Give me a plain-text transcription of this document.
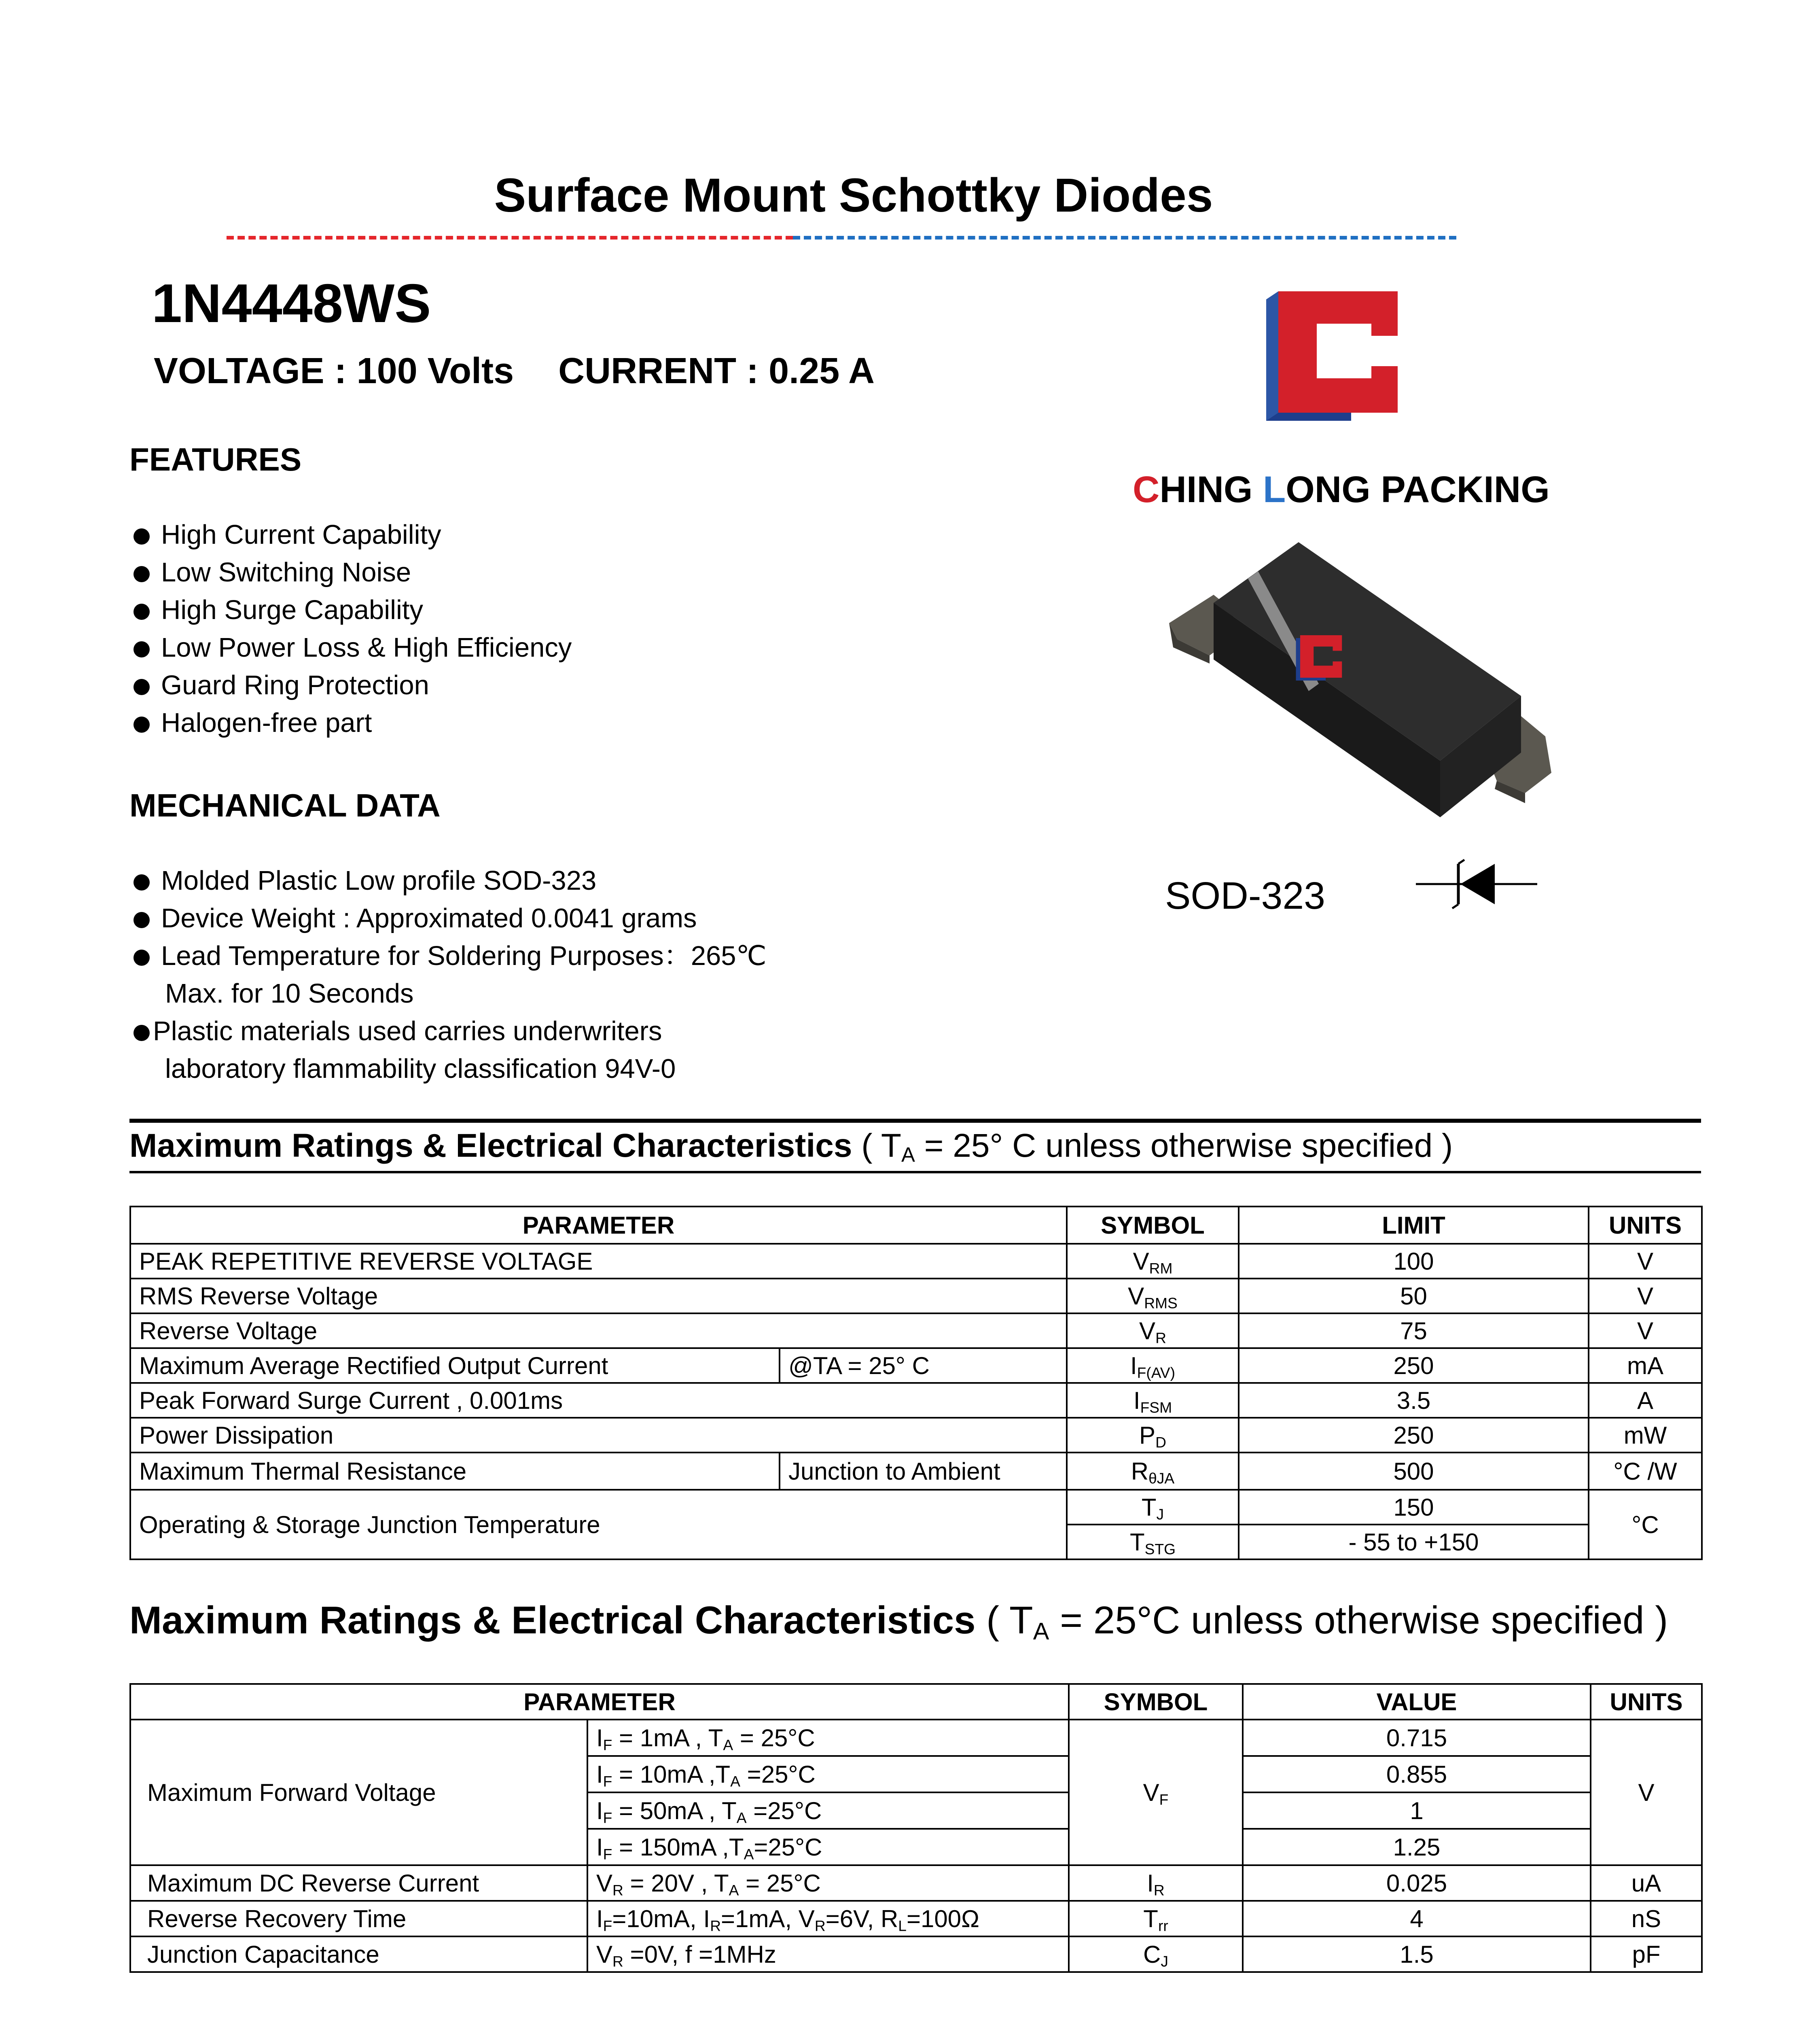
Surface Mount Schottky Diodes
1N4448WS
VOLTAGE : 100 Volts CURRENT : 0.25 A
CHING LONG PACKING
SOD-323
FEATURES
High Current Capability
Low Switching Noise
High Surge Capability
Low Power Loss & High Efficiency
Guard Ring Protection
Halogen-free part
MECHANICAL DATA
Molded Plastic Low profile SOD-323
Device Weight : Approximated 0.0041 grams
Lead Temperature for Soldering Purposes：265℃
Max. for 10 Seconds
Plastic materials used carries underwriters
laboratory flammability classification 94V-0
Maximum Ratings & Electrical Characteristics ( $T_A = 25^\circ$ C unless otherwise specified )
PARAMETER		SYMBOL	LIMIT	UNITS
PEAK REPETITIVE REVERSE VOLTAGE		$V_{RM}$	100	V
RMS Reverse Voltage		$V_{RMS}$	50	V
Reverse Voltage		$V_R$	75	V
Maximum Average Rectified Output Current	@TA = 25° C	$I_{F(AV)}$	250	mA
Peak Forward Surge Current , 0.001ms		$I_{FSM}$	3.5	A
Power Dissipation		$P_D$	250	mW
Maximum Thermal Resistance	Junction to Ambient	$R_{\theta JA}$	500	°C /W
Operating & Storage Junction Temperature		$T_J$	150	°C
		$T_{STG}$	- 55 to +150	
Maximum Ratings & Electrical Characteristics ( $T_A = 25^\circ C$ unless otherwise specified )
PARAMETER		SYMBOL	VALUE	UNITS
Maximum Forward Voltage	$I_F = 1mA$ , $T_A = 25^\circ C$	$V_F$	0.715	V
	$I_F = 10mA$ $,T_A =25^\circ C$		0.855	
	$I_F = 50mA$ , $T_A =25^\circ C$		1	
	$I_F = 150mA$ $,T_A=25^\circ C$		1.25	
Maximum DC Reverse Current	$V_R = 20V$ , $T_A = 25^\circ C$	$I_R$	0.025	uA
Reverse Recovery Time	$I_F=10mA$, $I_R=1mA$, $V_R=6V$, $R_L=100\Omega$	$T_{rr}$	4	nS
Junction Capacitance	$V_R =0V$, f =1MHz	$C_J$	1.5	pF
